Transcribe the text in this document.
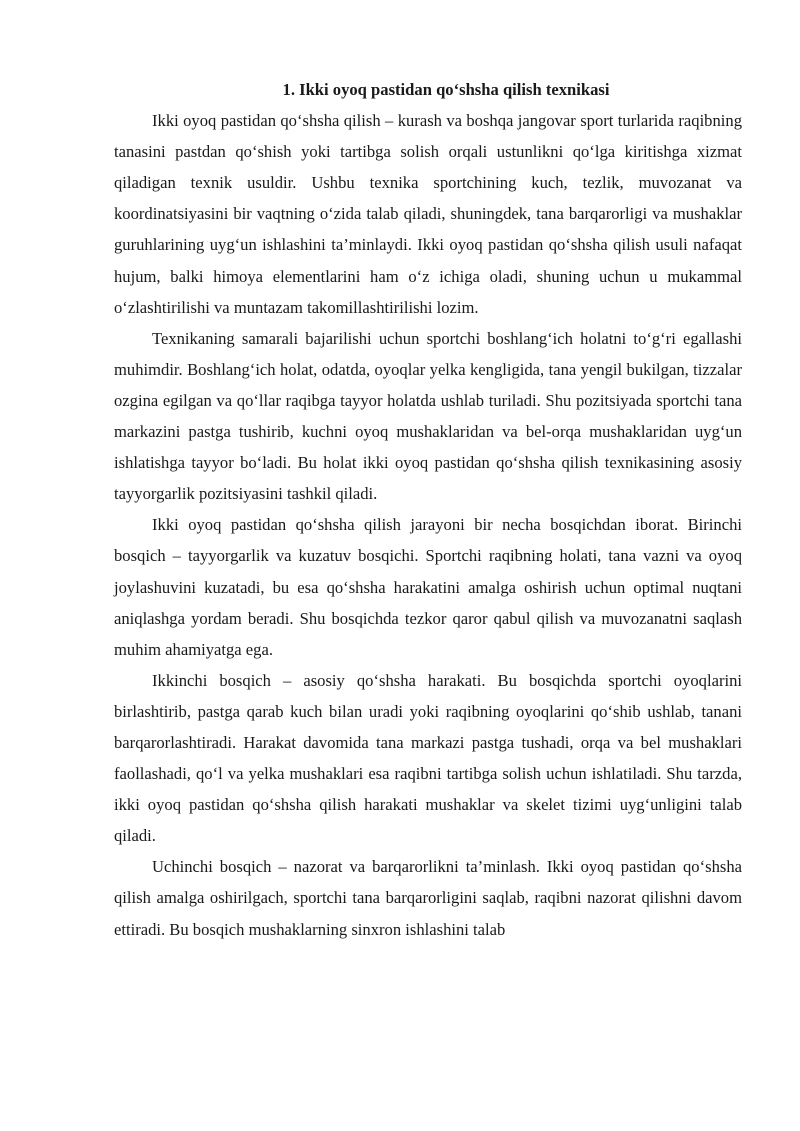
1. Ikki oyoq pastidan qo‘shsha qilish texnikasi

Ikki oyoq pastidan qo‘shsha qilish – kurash va boshqa jangovar sport turlarida raqibning tanasini pastdan qo‘shish yoki tartibga solish orqali ustunlikni qo‘lga kiritishga xizmat qiladigan texnik usuldir. Ushbu texnika sportchining kuch, tezlik, muvozanat va koordinatsiyasini bir vaqtning o‘zida talab qiladi, shuningdek, tana barqarorligi va mushaklar guruhlarining uyg‘un ishlashini ta’minlaydi. Ikki oyoq pastidan qo‘shsha qilish usuli nafaqat hujum, balki himoya elementlarini ham o‘z ichiga oladi, shuning uchun u mukammal o‘zlashtirilishi va muntazam takomillashtirilishi lozim.

Texnikaning samarali bajarilishi uchun sportchi boshlang‘ich holatni to‘g‘ri egallashi muhimdir. Boshlang‘ich holat, odatda, oyoqlar yelka kengligida, tana yengil bukilgan, tizzalar ozgina egilgan va qo‘llar raqibga tayyor holatda ushlab turiladi. Shu pozitsiyada sportchi tana markazini pastga tushirib, kuchni oyoq mushaklaridan va bel-orqa mushaklaridan uyg‘un ishlatishga tayyor bo‘ladi. Bu holat ikki oyoq pastidan qo‘shsha qilish texnikasining asosiy tayyorgarlik pozitsiyasini tashkil qiladi.

Ikki oyoq pastidan qo‘shsha qilish jarayoni bir necha bosqichdan iborat. Birinchi bosqich – tayyorgarlik va kuzatuv bosqichi. Sportchi raqibning holati, tana vazni va oyoq joylashuvini kuzatadi, bu esa qo‘shsha harakatini amalga oshirish uchun optimal nuqtani aniqlashga yordam beradi. Shu bosqichda tezkor qaror qabul qilish va muvozanatni saqlash muhim ahamiyatga ega.

Ikkinchi bosqich – asosiy qo‘shsha harakati. Bu bosqichda sportchi oyoqlarini birlashtirib, pastga qarab kuch bilan uradi yoki raqibning oyoqlarini qo‘shib ushlab, tanani barqarorlashtiradi. Harakat davomida tana markazi pastga tushadi, orqa va bel mushaklari faollashadi, qo‘l va yelka mushaklari esa raqibni tartibga solish uchun ishlatiladi. Shu tarzda, ikki oyoq pastidan qo‘shsha qilish harakati mushaklar va skelet tizimi uyg‘unligini talab qiladi.

Uchinchi bosqich – nazorat va barqarorlikni ta’minlash. Ikki oyoq pastidan qo‘shsha qilish amalga oshirilgach, sportchi tana barqarorligini saqlab, raqibni nazorat qilishni davom ettiradi. Bu bosqich mushaklarning sinxron ishlashini talab
